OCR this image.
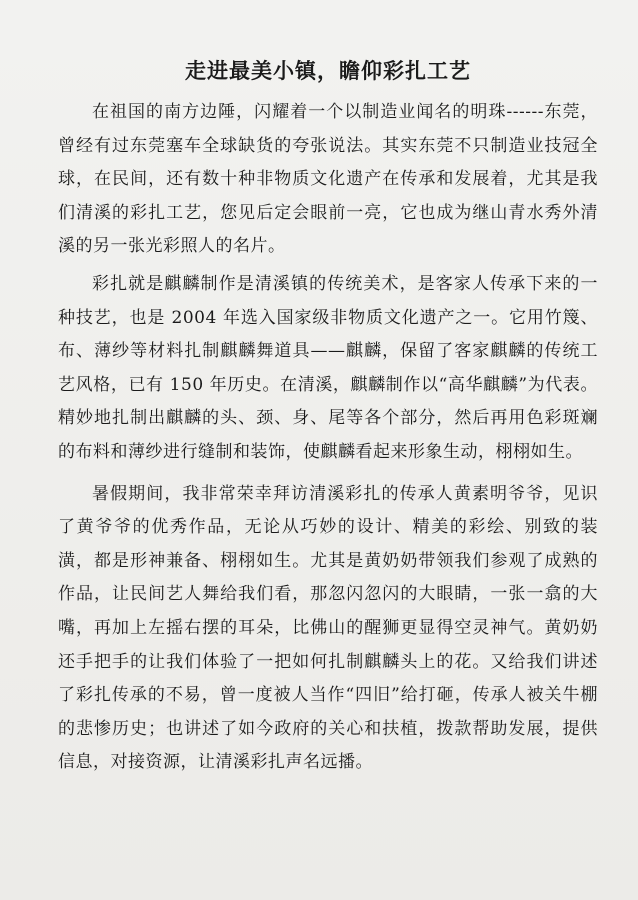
走进最美小镇，瞻仰彩扎工艺

在祖国的南方边陲，闪耀着一个以制造业闻名的明珠------东莞，曾经有过东莞塞车全球缺货的夸张说法。其实东莞不只制造业技冠全球，在民间，还有数十种非物质文化遗产在传承和发展着，尤其是我们清溪的彩扎工艺，您见后定会眼前一亮，它也成为继山青水秀外清溪的另一张光彩照人的名片。

彩扎就是麒麟制作是清溪镇的传统美术，是客家人传承下来的一种技艺，也是 2004 年选入国家级非物质文化遗产之一。它用竹篾、布、薄纱等材料扎制麒麟舞道具——麒麟，保留了客家麒麟的传统工艺风格，已有 150 年历史。在清溪，麒麟制作以“高华麒麟”为代表。精妙地扎制出麒麟的头、颈、身、尾等各个部分，然后再用色彩斑斓的布料和薄纱进行缝制和装饰，使麒麟看起来形象生动，栩栩如生。

暑假期间，我非常荣幸拜访清溪彩扎的传承人黄素明爷爷，见识了黄爷爷的优秀作品，无论从巧妙的设计、精美的彩绘、别致的装潢，都是形神兼备、栩栩如生。尤其是黄奶奶带领我们参观了成熟的作品，让民间艺人舞给我们看，那忽闪忽闪的大眼睛，一张一翕的大嘴，再加上左摇右摆的耳朵，比佛山的醒狮更显得空灵神气。黄奶奶还手把手的让我们体验了一把如何扎制麒麟头上的花。又给我们讲述了彩扎传承的不易，曾一度被人当作“四旧”给打砸，传承人被关牛棚的悲惨历史；也讲述了如今政府的关心和扶植，拨款帮助发展，提供信息，对接资源，让清溪彩扎声名远播。
